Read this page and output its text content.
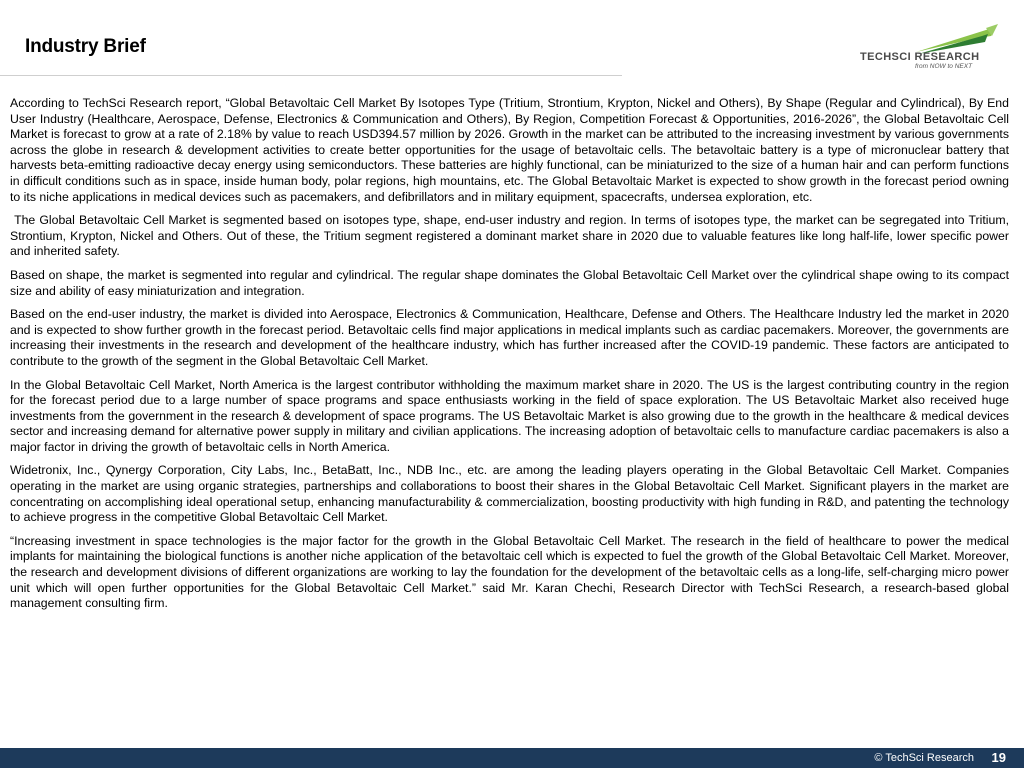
Industry Brief	TECHSCI RESEARCH
from NOW to NEXT

According to TechSci Research report, “Global Betavoltaic Cell Market By Isotopes Type (Tritium, Strontium, Krypton, Nickel and Others), By Shape (Regular and Cylindrical), By End User Industry (Healthcare, Aerospace, Defense, Electronics & Communication and Others), By Region, Competition Forecast & Opportunities, 2016-2026”, the Global Betavoltaic Cell Market is forecast to grow at a rate of 2.18% by value to reach USD394.57 million by 2026. Growth in the market can be attributed to the increasing investment by various governments across the globe in research & development activities to create better opportunities for the usage of betavoltaic cells. The betavoltaic battery is a type of micronuclear battery that harvests beta-emitting radioactive decay energy using semiconductors. These batteries are highly functional, can be miniaturized to the size of a human hair and can perform functions in difficult conditions such as in space, inside human body, polar regions, high mountains, etc. The Global Betavoltaic Market is expected to show growth in the forecast period owning to its niche applications in medical devices such as pacemakers, and defibrillators and in military equipment, spacecrafts, undersea exploration, etc.

The Global Betavoltaic Cell Market is segmented based on isotopes type, shape, end-user industry and region. In terms of isotopes type, the market can be segregated into Tritium, Strontium, Krypton, Nickel and Others. Out of these, the Tritium segment registered a dominant market share in 2020 due to valuable features like long half-life, lower specific power and inherited safety.

Based on shape, the market is segmented into regular and cylindrical. The regular shape dominates the Global Betavoltaic Cell Market over the cylindrical shape owing to its compact size and ability of easy miniaturization and integration.

Based on the end-user industry, the market is divided into Aerospace, Electronics & Communication, Healthcare, Defense and Others. The Healthcare Industry led the market in 2020 and is expected to show further growth in the forecast period. Betavoltaic cells find major applications in medical implants such as cardiac pacemakers. Moreover, the governments are increasing their investments in the research and development of the healthcare industry, which has further increased after the COVID-19 pandemic. These factors are anticipated to contribute to the growth of the segment in the Global Betavoltaic Cell Market.

In the Global Betavoltaic Cell Market, North America is the largest contributor withholding the maximum market share in 2020. The US is the largest contributing country in the region for the forecast period due to a large number of space programs and space enthusiasts working in the field of space exploration. The US Betavoltaic Market also received huge investments from the government in the research & development of space programs. The US Betavoltaic Market is also growing due to the growth in the healthcare & medical devices sector and increasing demand for alternative power supply in military and civilian applications. The increasing adoption of betavoltaic cells to manufacture cardiac pacemakers is also a major factor in driving the growth of betavoltaic cells in North America.

Widetronix, Inc., Qynergy Corporation, City Labs, Inc., BetaBatt, Inc., NDB Inc., etc. are among the leading players operating in the Global Betavoltaic Cell Market. Companies operating in the market are using organic strategies, partnerships and collaborations to boost their shares in the Global Betavoltaic Cell Market. Significant players in the market are concentrating on accomplishing ideal operational setup, enhancing manufacturability & commercialization, boosting productivity with high funding in R&D, and patenting the technology to achieve progress in the competitive Global Betavoltaic Cell Market.

“Increasing investment in space technologies is the major factor for the growth in the Global Betavoltaic Cell Market. The research in the field of healthcare to power the medical implants for maintaining the biological functions is another niche application of the betavoltaic cell which is expected to fuel the growth of the Global Betavoltaic Cell Market. Moreover, the research and development divisions of different organizations are working to lay the foundation for the development of the betavoltaic cells as a long-life, self-charging micro power unit which will open further opportunities for the Global Betavoltaic Cell Market.” said Mr. Karan Chechi, Research Director with TechSci Research, a research-based global management consulting firm.

© TechSci Research 19
